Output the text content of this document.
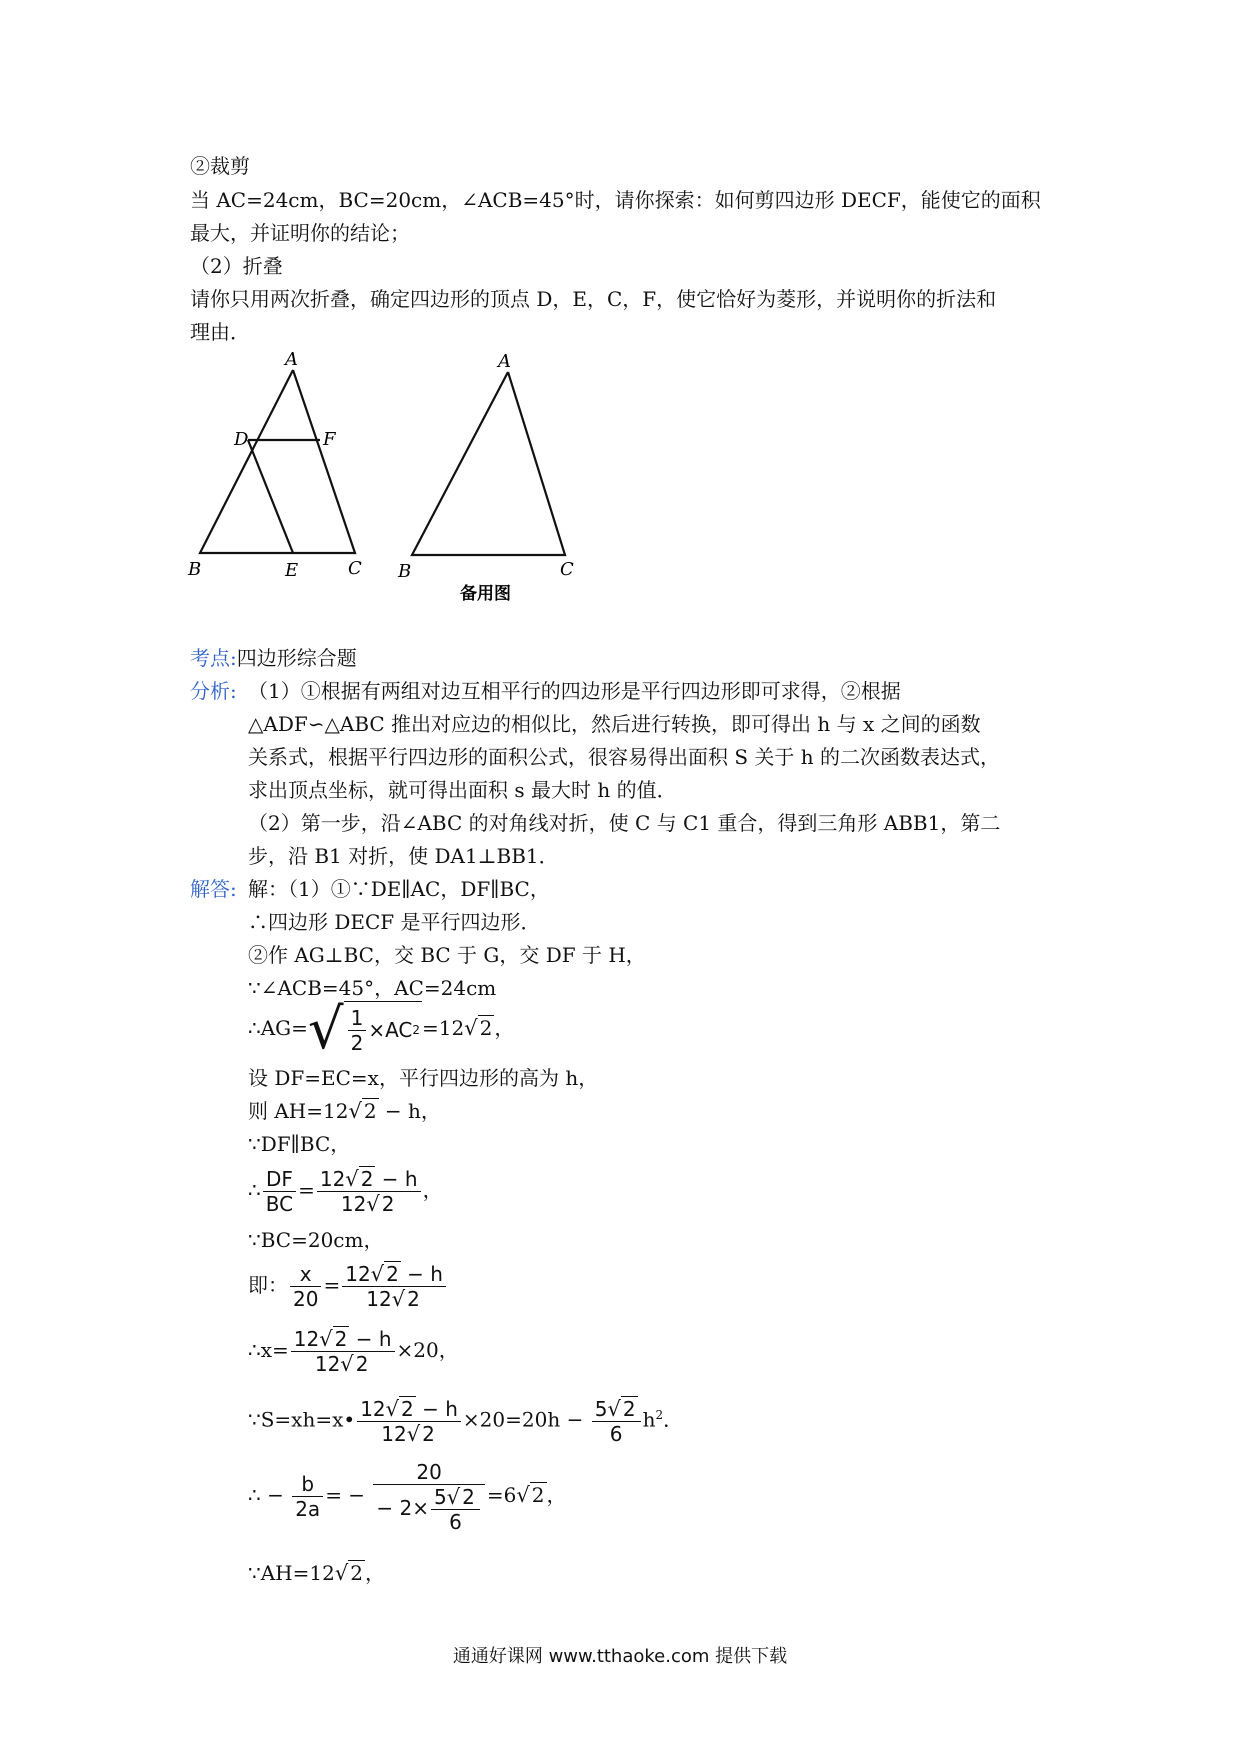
②裁剪
当 AC=24cm，BC=20cm，∠ACB=45°时，请你探索：如何剪四边形 DECF，能使它的面积
最大，并证明你的结论；
（2）折叠
请你只用两次折叠，确定四边形的顶点 D，E，C，F，使它恰好为菱形，并说明你的折法和
理由．
A
D	F
B	E	C
A
B	C
备用图
考点:四边形综合题
分析: （1）①根据有两组对边互相平行的四边形是平行四边形即可求得，②根据
△ADF∽△ABC 推出对应边的相似比，然后进行转换，即可得出 h 与 x 之间的函数
关系式，根据平行四边形的面积公式，很容易得出面积 S 关于 h 的二次函数表达式，
求出顶点坐标，就可得出面积 s 最大时 h 的值．
（2）第一步，沿∠ABC 的对角线对折，使 C 与 C1 重合，得到三角形 ABB1，第二
步，沿 B1 对折，使 DA1⊥BB1．
解答: 解：（1）①∵DE∥AC，DF∥BC，
∴四边形 DECF 是平行四边形．
②作 AG⊥BC，交 BC 于 G，交 DF 于 H，
∵∠ACB=45°，AC=24cm
∴AG= √ $\frac{1}{2} \times AC$ 2 =12√ 2 ，
设 DF=EC=x，平行四边形的高为 h，
则 AH=12√ 2 − h，
∵DF∥BC，
∴ $\frac{DF}{BC} = \frac{12√ 2 - h}{12√ 2}$ ，
∵BC=20cm，
即： $\frac{x}{20} = \frac{12√ 2 - h}{12√ 2}$
∴x= $\frac{12√ 2 - h}{12√ 2} \times 20$，
∵S=xh=x• $\frac{12√ 2 - h}{12√ 2} \times 20=20h - \frac{5√ 2}{6} h^2$．
∴ − $\frac{b}{2a}$ = − $\frac{20}{- 2\times \frac{5√ 2}{6}} =6√$ 2 ，
∵AH=12√ 2 ，
通通好课网 www.tthaoke.com 提供下载
